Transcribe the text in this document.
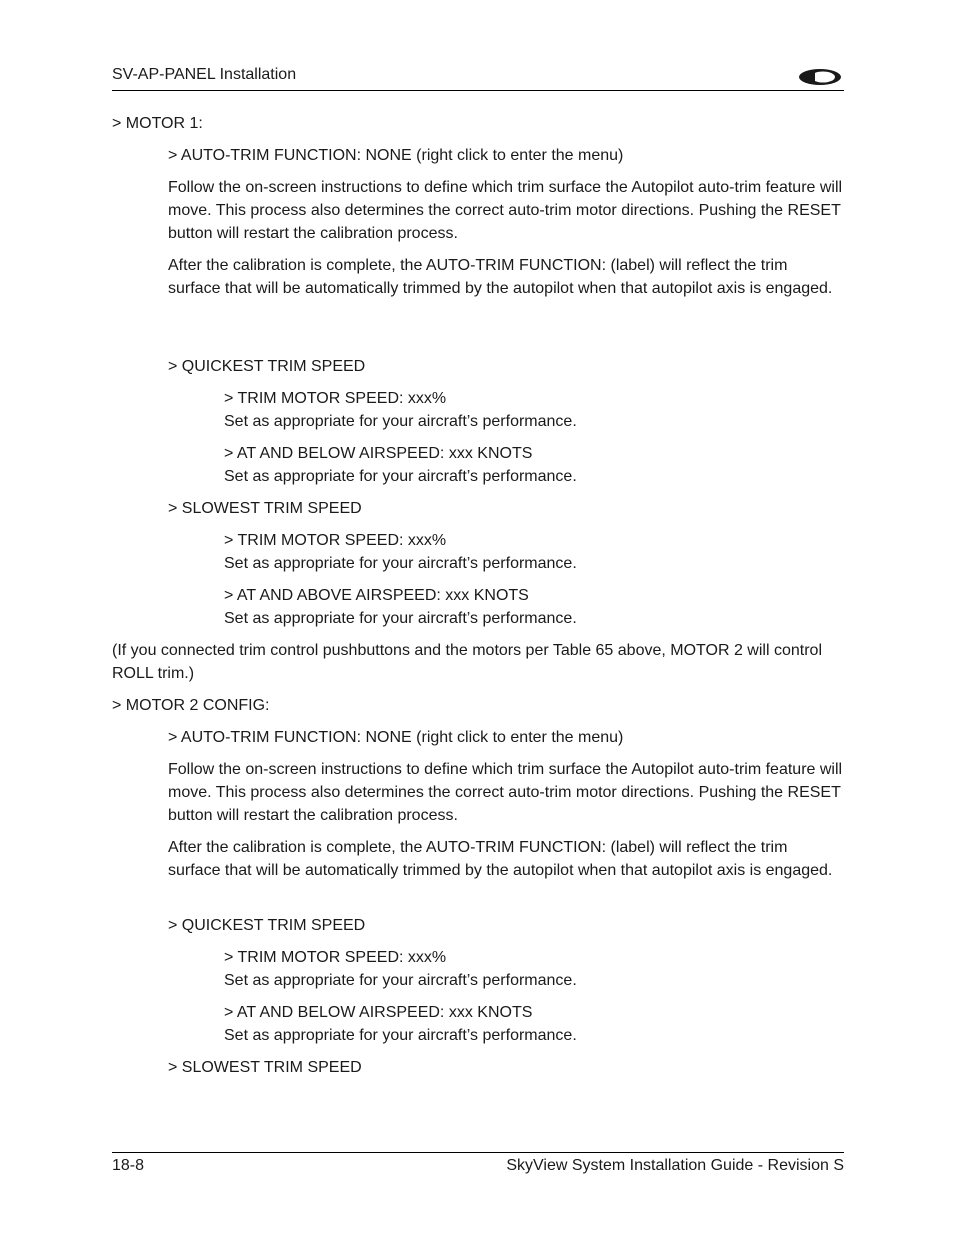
SV-AP-PANEL Installation
> MOTOR 1:
> AUTO-TRIM FUNCTION: NONE (right click to enter the menu)
Follow the on-screen instructions to define which trim surface the Autopilot auto-trim feature will move. This process also determines the correct auto-trim motor directions. Pushing the RESET button will restart the calibration process.
After the calibration is complete, the AUTO-TRIM FUNCTION: (label) will reflect the trim surface that will be automatically trimmed by the autopilot when that autopilot axis is engaged.
> QUICKEST TRIM SPEED
> TRIM MOTOR SPEED: xxx%
Set as appropriate for your aircraft’s performance.
> AT AND BELOW AIRSPEED: xxx KNOTS
Set as appropriate for your aircraft’s performance.
> SLOWEST TRIM SPEED
> TRIM MOTOR SPEED: xxx%
Set as appropriate for your aircraft’s performance.
> AT AND ABOVE AIRSPEED: xxx KNOTS
Set as appropriate for your aircraft’s performance.
(If you connected trim control pushbuttons and the motors per Table 65 above, MOTOR 2 will control ROLL trim.)
> MOTOR 2 CONFIG:
> AUTO-TRIM FUNCTION: NONE (right click to enter the menu)
Follow the on-screen instructions to define which trim surface the Autopilot auto-trim feature will move. This process also determines the correct auto-trim motor directions. Pushing the RESET button will restart the calibration process.
After the calibration is complete, the AUTO-TRIM FUNCTION: (label) will reflect the trim surface that will be automatically trimmed by the autopilot when that autopilot axis is engaged.
> QUICKEST TRIM SPEED
> TRIM MOTOR SPEED: xxx%
Set as appropriate for your aircraft’s performance.
> AT AND BELOW AIRSPEED: xxx KNOTS
Set as appropriate for your aircraft’s performance.
> SLOWEST TRIM SPEED
18-8	SkyView System Installation Guide - Revision S
